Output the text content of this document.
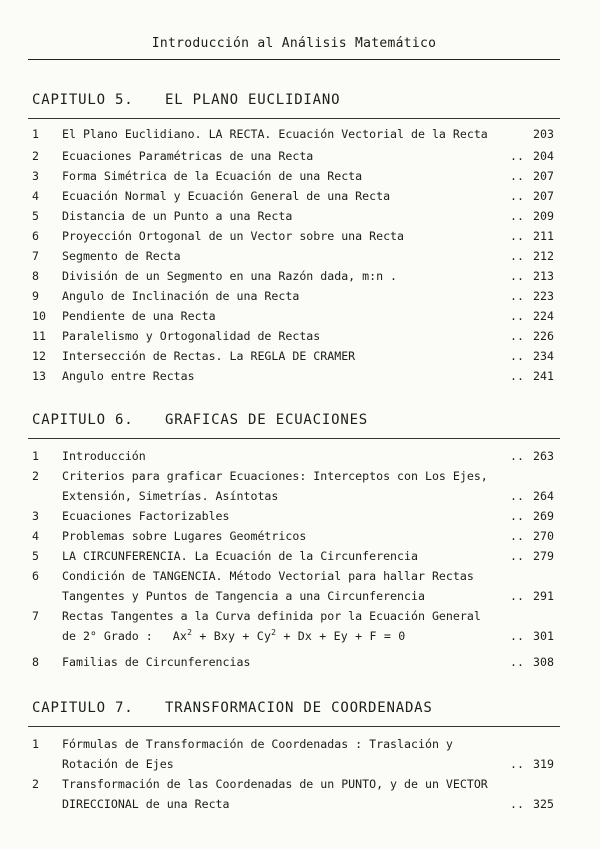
Introducción al Análisis Matemático
CAPITULO 5. EL PLANO EUCLIDIANO
1	El Plano Euclidiano. LA RECTA. Ecuación Vectorial de la Recta	203
2	Ecuaciones Paramétricas de una Recta	.. 204
3	Forma Simétrica de la Ecuación de una Recta	.. 207
4	Ecuación Normal y Ecuación General de una Recta	.. 207
5	Distancia de un Punto a una Recta	.. 209
6	Proyección Ortogonal de un Vector sobre una Recta	.. 211
7	Segmento de Recta	.. 212
8	División de un Segmento en una Razón dada, m:n .	.. 213
9	Angulo de Inclinación de una Recta	.. 223
10	Pendiente de una Recta	.. 224
11	Paralelismo y Ortogonalidad de Rectas	.. 226
12	Intersección de Rectas. La REGLA DE CRAMER	.. 234
13	Angulo entre Rectas	.. 241
CAPITULO 6. GRAFICAS DE ECUACIONES
1	Introducción	.. 263
2	Criterios para graficar Ecuaciones: Interceptos con Los Ejes,
Extensión, Simetrías. Asíntotas	.. 264
3	Ecuaciones Factorizables	.. 269
4	Problemas sobre Lugares Geométricos	.. 270
5	LA CIRCUNFERENCIA. La Ecuación de la Circunferencia	.. 279
6	Condición de TANGENCIA. Método Vectorial para hallar Rectas
Tangentes y Puntos de Tangencia a una Circunferencia	.. 291
7	Rectas Tangentes a la Curva definida por la Ecuación General
de 2° Grado : $Ax^2$ + Bxy + $Cy^2 + Dx + Ey + F = 0$	.. 301
8	Familias de Circunferencias	.. 308
CAPITULO 7. TRANSFORMACION DE COORDENADAS
1	Fórmulas de Transformación de Coordenadas : Traslación y
Rotación de Ejes	.. 319
2	Transformación de las Coordenadas de un PUNTO, y de un VECTOR
DIRECCIONAL de una Recta	.. 325
